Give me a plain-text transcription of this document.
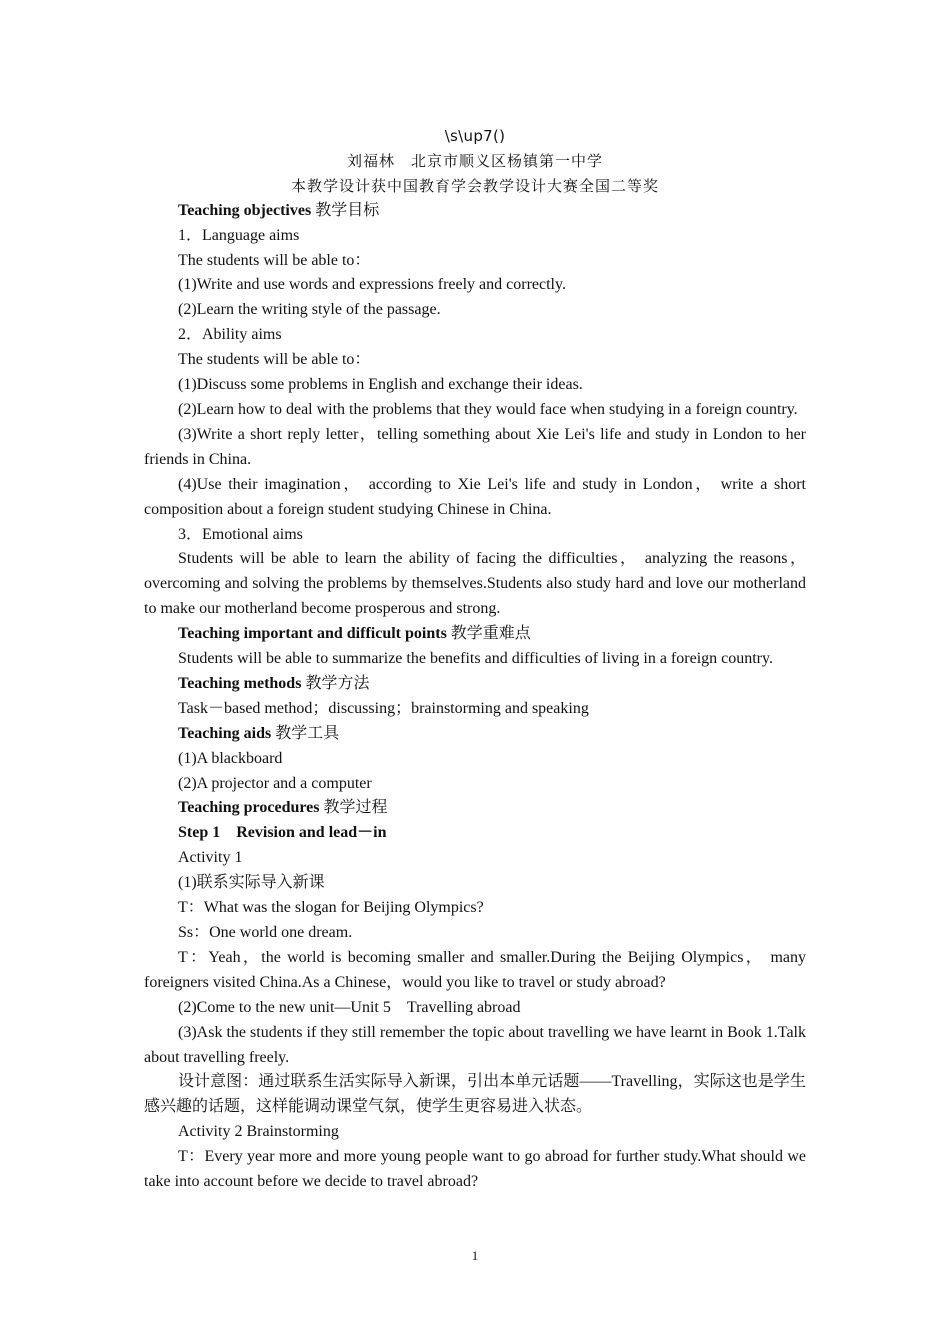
\s\up7()

刘福林　北京市顺义区杨镇第一中学

本教学设计获中国教育学会教学设计大赛全国二等奖

Teaching objectives 教学目标

1．Language aims

The students will be able to：

(1)Write and use words and expressions freely and correctly.

(2)Learn the writing style of the passage.

2．Ability aims

The students will be able to：

(1)Discuss some problems in English and exchange their ideas.

(2)Learn how to deal with the problems that they would face when studying in a foreign country.

(3)Write a short reply letter，telling something about Xie Lei's life and study in London to her friends in China.

(4)Use their imagination， according to Xie Lei's life and study in London， write a short composition about a foreign student studying Chinese in China.

3．Emotional aims

Students will be able to learn the ability of facing the difficulties， analyzing the reasons， overcoming and solving the problems by themselves.Students also study hard and love our motherland to make our motherland become prosperous and strong.

Teaching important and difficult points 教学重难点

Students will be able to summarize the benefits and difficulties of living in a foreign country.

Teaching methods 教学方法

Task－based method；discussing；brainstorming and speaking

Teaching aids 教学工具

(1)A blackboard

(2)A projector and a computer

Teaching procedures 教学过程

Step 1　Revision and lead－in

Activity 1

(1)联系实际导入新课

T：What was the slogan for Beijing Olympics?

Ss：One world one dream.

T：Yeah，the world is becoming smaller and smaller.During the Beijing Olympics， many foreigners visited China.As a Chinese，would you like to travel or study abroad?

(2)Come to the new unit—Unit 5　Travelling abroad

(3)Ask the students if they still remember the topic about travelling we have learnt in Book 1.Talk about travelling freely.

设计意图：通过联系生活实际导入新课，引出本单元话题——Travelling，实际这也是学生感兴趣的话题，这样能调动课堂气氛，使学生更容易进入状态。

Activity 2 Brainstorming

T：Every year more and more young people want to go abroad for further study.What should we take into account before we decide to travel abroad?

1
